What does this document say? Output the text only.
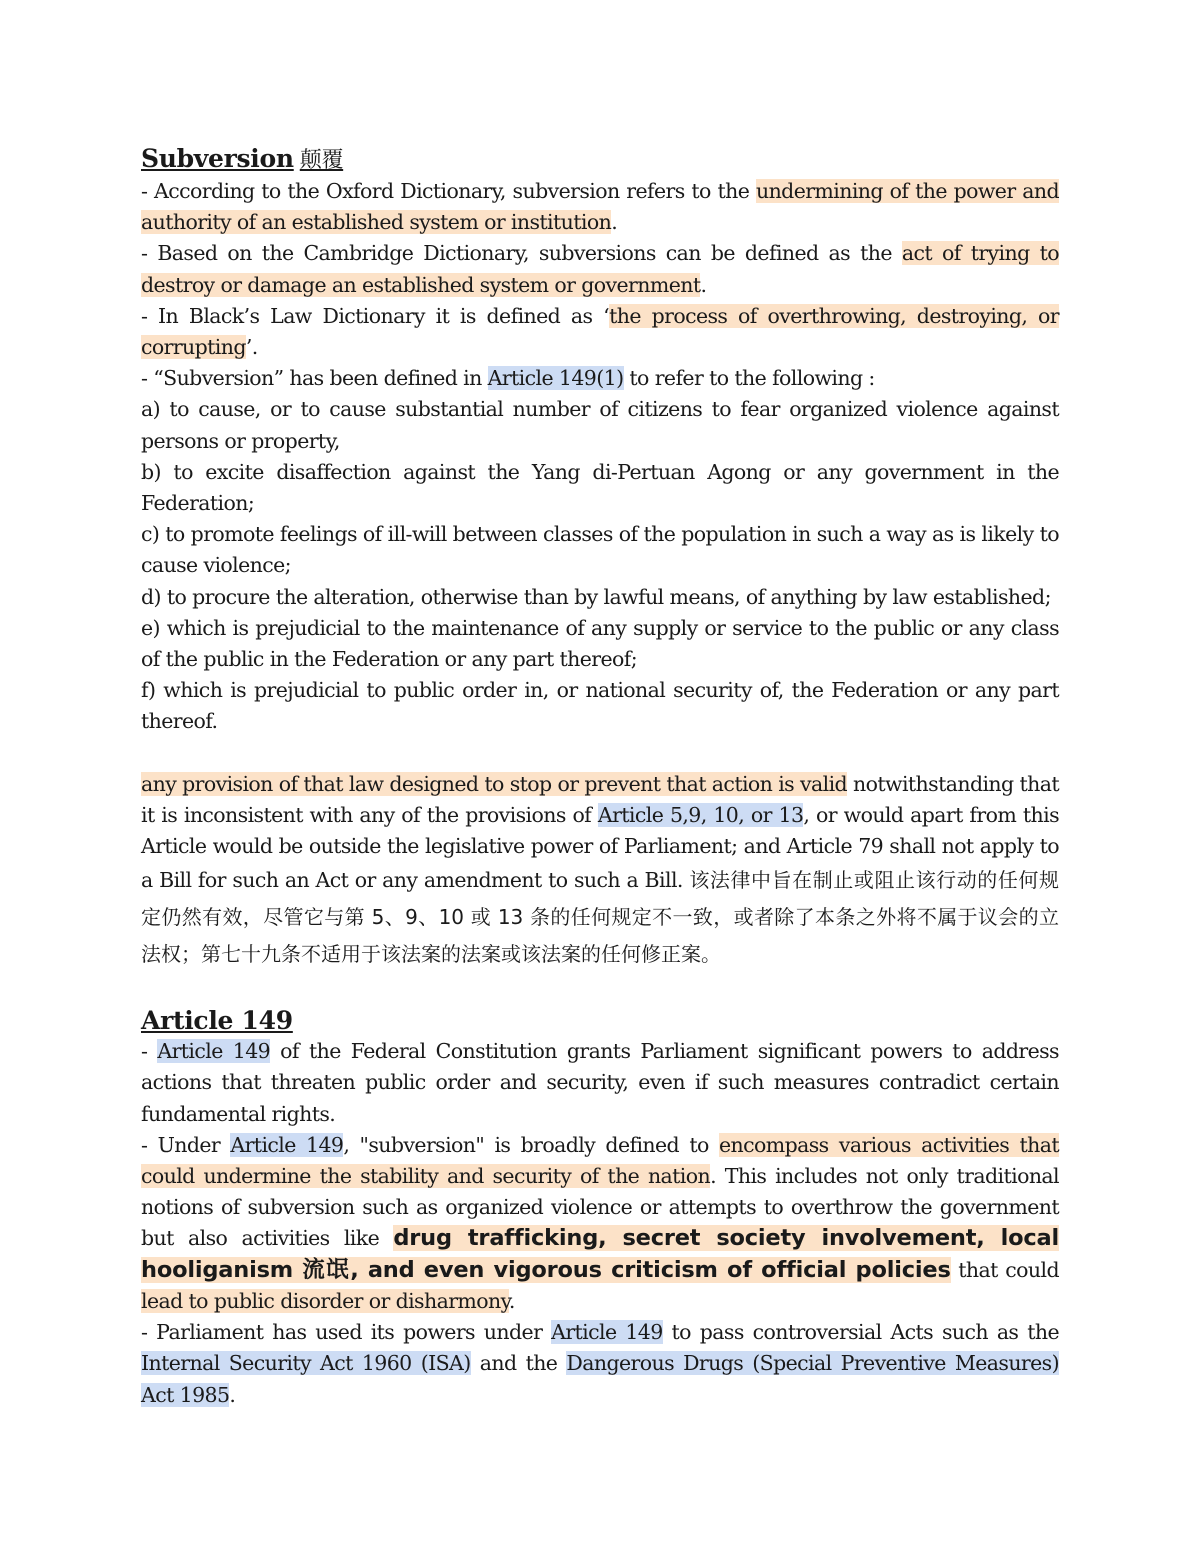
Subversion 颠覆

- According to the Oxford Dictionary, subversion refers to the undermining of the power and authority of an established system or institution.

- Based on the Cambridge Dictionary, subversions can be defined as the act of trying to destroy or damage an established system or government.

- In Black’s Law Dictionary it is defined as ‘the process of overthrowing, destroying, or corrupting’.

- “Subversion” has been defined in Article 149(1) to refer to the following :

a) to cause, or to cause substantial number of citizens to fear organized violence against persons or property,

b) to excite disaffection against the Yang di-Pertuan Agong or any government in the Federation;

c) to promote feelings of ill-will between classes of the population in such a way as is likely to cause violence;

d) to procure the alteration, otherwise than by lawful means, of anything by law established;

e) which is prejudicial to the maintenance of any supply or service to the public or any class of the public in the Federation or any part thereof;

f) which is prejudicial to public order in, or national security of, the Federation or any part thereof.

any provision of that law designed to stop or prevent that action is valid notwithstanding that it is inconsistent with any of the provisions of Article 5,9, 10, or 13, or would apart from this Article would be outside the legislative power of Parliament; and Article 79 shall not apply to a Bill for such an Act or any amendment to such a Bill. 该法律中旨在制止或阻止该行动的任何规定仍然有效，尽管它与第 5、9、10 或 13 条的任何规定不一致，或者除了本条之外将不属于议会的立法权；第七十九条不适用于该法案的法案或该法案的任何修正案。

Article 149

- Article 149 of the Federal Constitution grants Parliament significant powers to address actions that threaten public order and security, even if such measures contradict certain fundamental rights.

- Under Article 149, "subversion" is broadly defined to encompass various activities that could undermine the stability and security of the nation. This includes not only traditional notions of subversion such as organized violence or attempts to overthrow the government but also activities like drug trafficking, secret society involvement, local hooliganism 流氓, and even vigorous criticism of official policies that could lead to public disorder or disharmony.

- Parliament has used its powers under Article 149 to pass controversial Acts such as the Internal Security Act 1960 (ISA) and the Dangerous Drugs (Special Preventive Measures) Act 1985.
